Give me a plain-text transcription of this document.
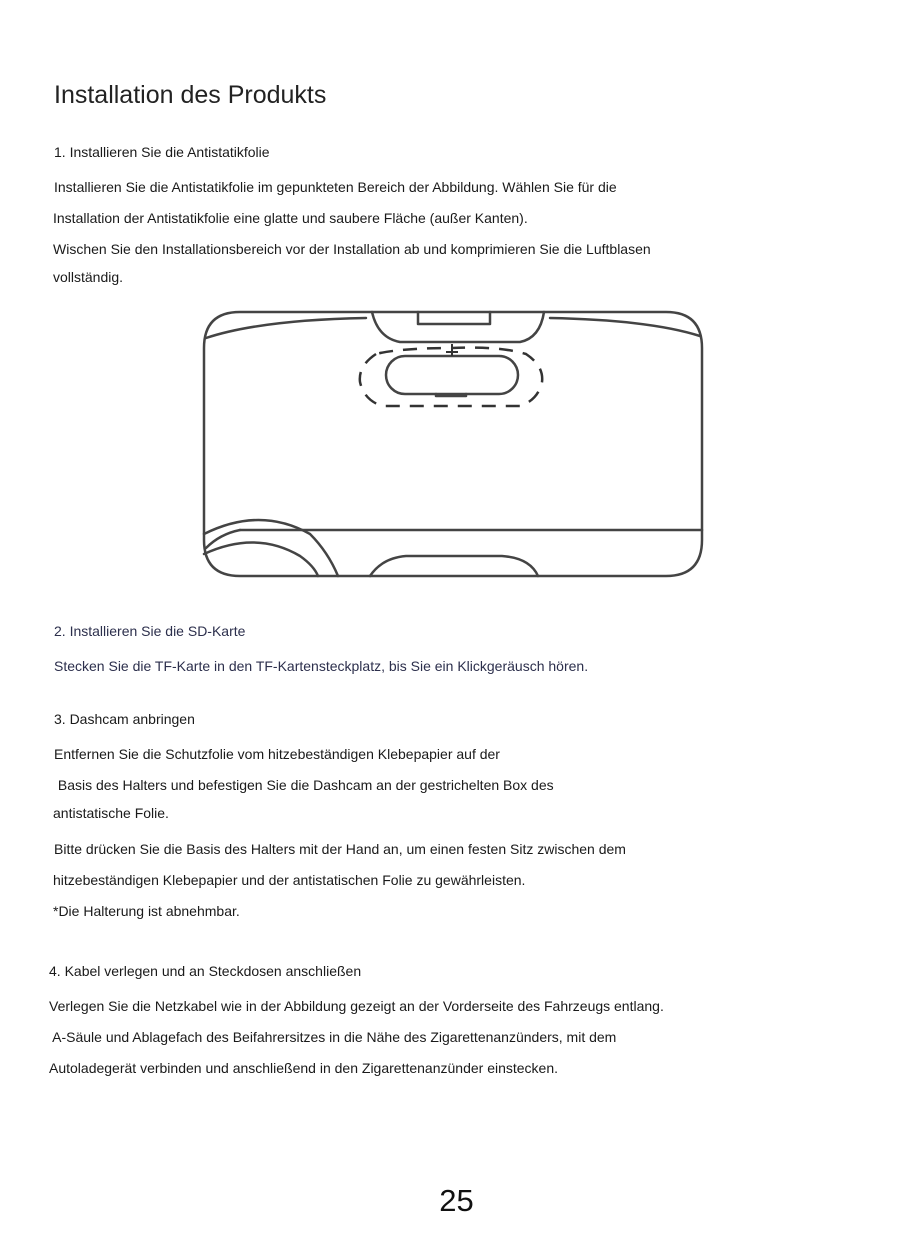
Installation des Produkts
1. Installieren Sie die Antistatikfolie
Installieren Sie die Antistatikfolie im gepunkteten Bereich der Abbildung. Wählen Sie für die
Installation der Antistatikfolie eine glatte und saubere Fläche (außer Kanten).
Wischen Sie den Installationsbereich vor der Installation ab und komprimieren Sie die Luftblasen
vollständig.
2. Installieren Sie die SD-Karte
Stecken Sie die TF-Karte in den TF-Kartensteckplatz, bis Sie ein Klickgeräusch hören.
3. Dashcam anbringen
Entfernen Sie die Schutzfolie vom hitzebeständigen Klebepapier auf der
Basis des Halters und befestigen Sie die Dashcam an der gestrichelten Box des
antistatische Folie.
Bitte drücken Sie die Basis des Halters mit der Hand an, um einen festen Sitz zwischen dem
hitzebeständigen Klebepapier und der antistatischen Folie zu gewährleisten.
*Die Halterung ist abnehmbar.
4. Kabel verlegen und an Steckdosen anschließen
Verlegen Sie die Netzkabel wie in der Abbildung gezeigt an der Vorderseite des Fahrzeugs entlang.
A-Säule und Ablagefach des Beifahrersitzes in die Nähe des Zigarettenanzünders, mit dem
Autoladegerät verbinden und anschließend in den Zigarettenanzünder einstecken.
25
